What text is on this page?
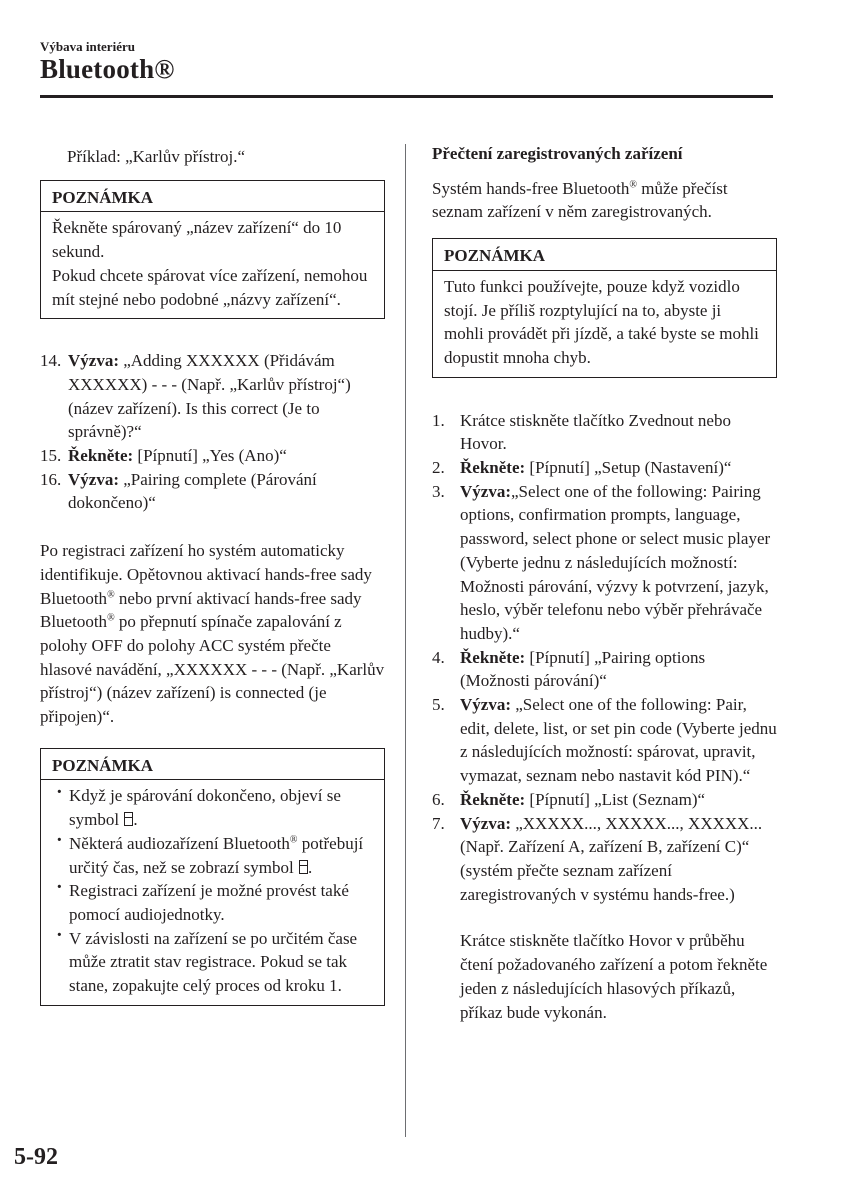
Výbava interiéru
Bluetooth®

Příklad: „Karlův přístroj.“

POZNÁMKA

Řekněte spárovaný „název zařízení“ do 10 sekund.

Pokud chcete spárovat více zařízení, nemohou mít stejné nebo podobné „názvy zařízení“.

14. Výzva: „Adding XXXXXX (Přidávám XXXXXX) - - - (Např. „Karlův přístroj“) (název zařízení). Is this correct (Je to správně)?“
15. Řekněte: [Pípnutí] „Yes (Ano)“
16. Výzva: „Pairing complete (Párování dokončeno)“

Po registraci zařízení ho systém automaticky identifikuje. Opětovnou aktivací hands-free sady Bluetooth® nebo první aktivací hands-free sady Bluetooth® po přepnutí spínače zapalování z polohy OFF do polohy ACC systém přečte hlasové navádění, „XXXXXX - - - (Např. „Karlův přístroj“) (název zařízení) is connected (je připojen)“.

POZNÁMKA
· Když je spárování dokončeno, objeví se symbol .
· Některá audiozařízení Bluetooth® potřebují určitý čas, než se zobrazí symbol .
· Registraci zařízení je možné provést také pomocí audiojednotky.
· V závislosti na zařízení se po určitém čase může ztratit stav registrace. Pokud se tak stane, zopakujte celý proces od kroku 1.

Přečtení zaregistrovaných zařízení

Systém hands-free Bluetooth® může přečíst seznam zařízení v něm zaregistrovaných.

POZNÁMKA

Tuto funkci používejte, pouze když vozidlo stojí. Je příliš rozptylující na to, abyste ji mohli provádět při jízdě, a také byste se mohli dopustit mnoha chyb.

1. Krátce stiskněte tlačítko Zvednout nebo Hovor.
2. Řekněte: [Pípnutí] „Setup (Nastavení)“
3. Výzva:„Select one of the following: Pairing options, confirmation prompts, language, password, select phone or select music player (Vyberte jednu z následujících možností: Možnosti párování, výzvy k potvrzení, jazyk, heslo, výběr telefonu nebo výběr přehrávače hudby).“
4. Řekněte: [Pípnutí] „Pairing options (Možnosti párování)“
5. Výzva: „Select one of the following: Pair, edit, delete, list, or set pin code (Vyberte jednu z následujících možností: spárovat, upravit, vymazat, seznam nebo nastavit kód PIN).“
6. Řekněte: [Pípnutí] „List (Seznam)“
7. Výzva: „XXXXX..., XXXXX..., XXXXX... (Např. Zařízení A, zařízení B, zařízení C)“ (systém přečte seznam zařízení zaregistrovaných v systému hands-free.)

Krátce stiskněte tlačítko Hovor v průběhu čtení požadovaného zařízení a potom řekněte jeden z následujících hlasových příkazů, příkaz bude vykonán.

5-92
